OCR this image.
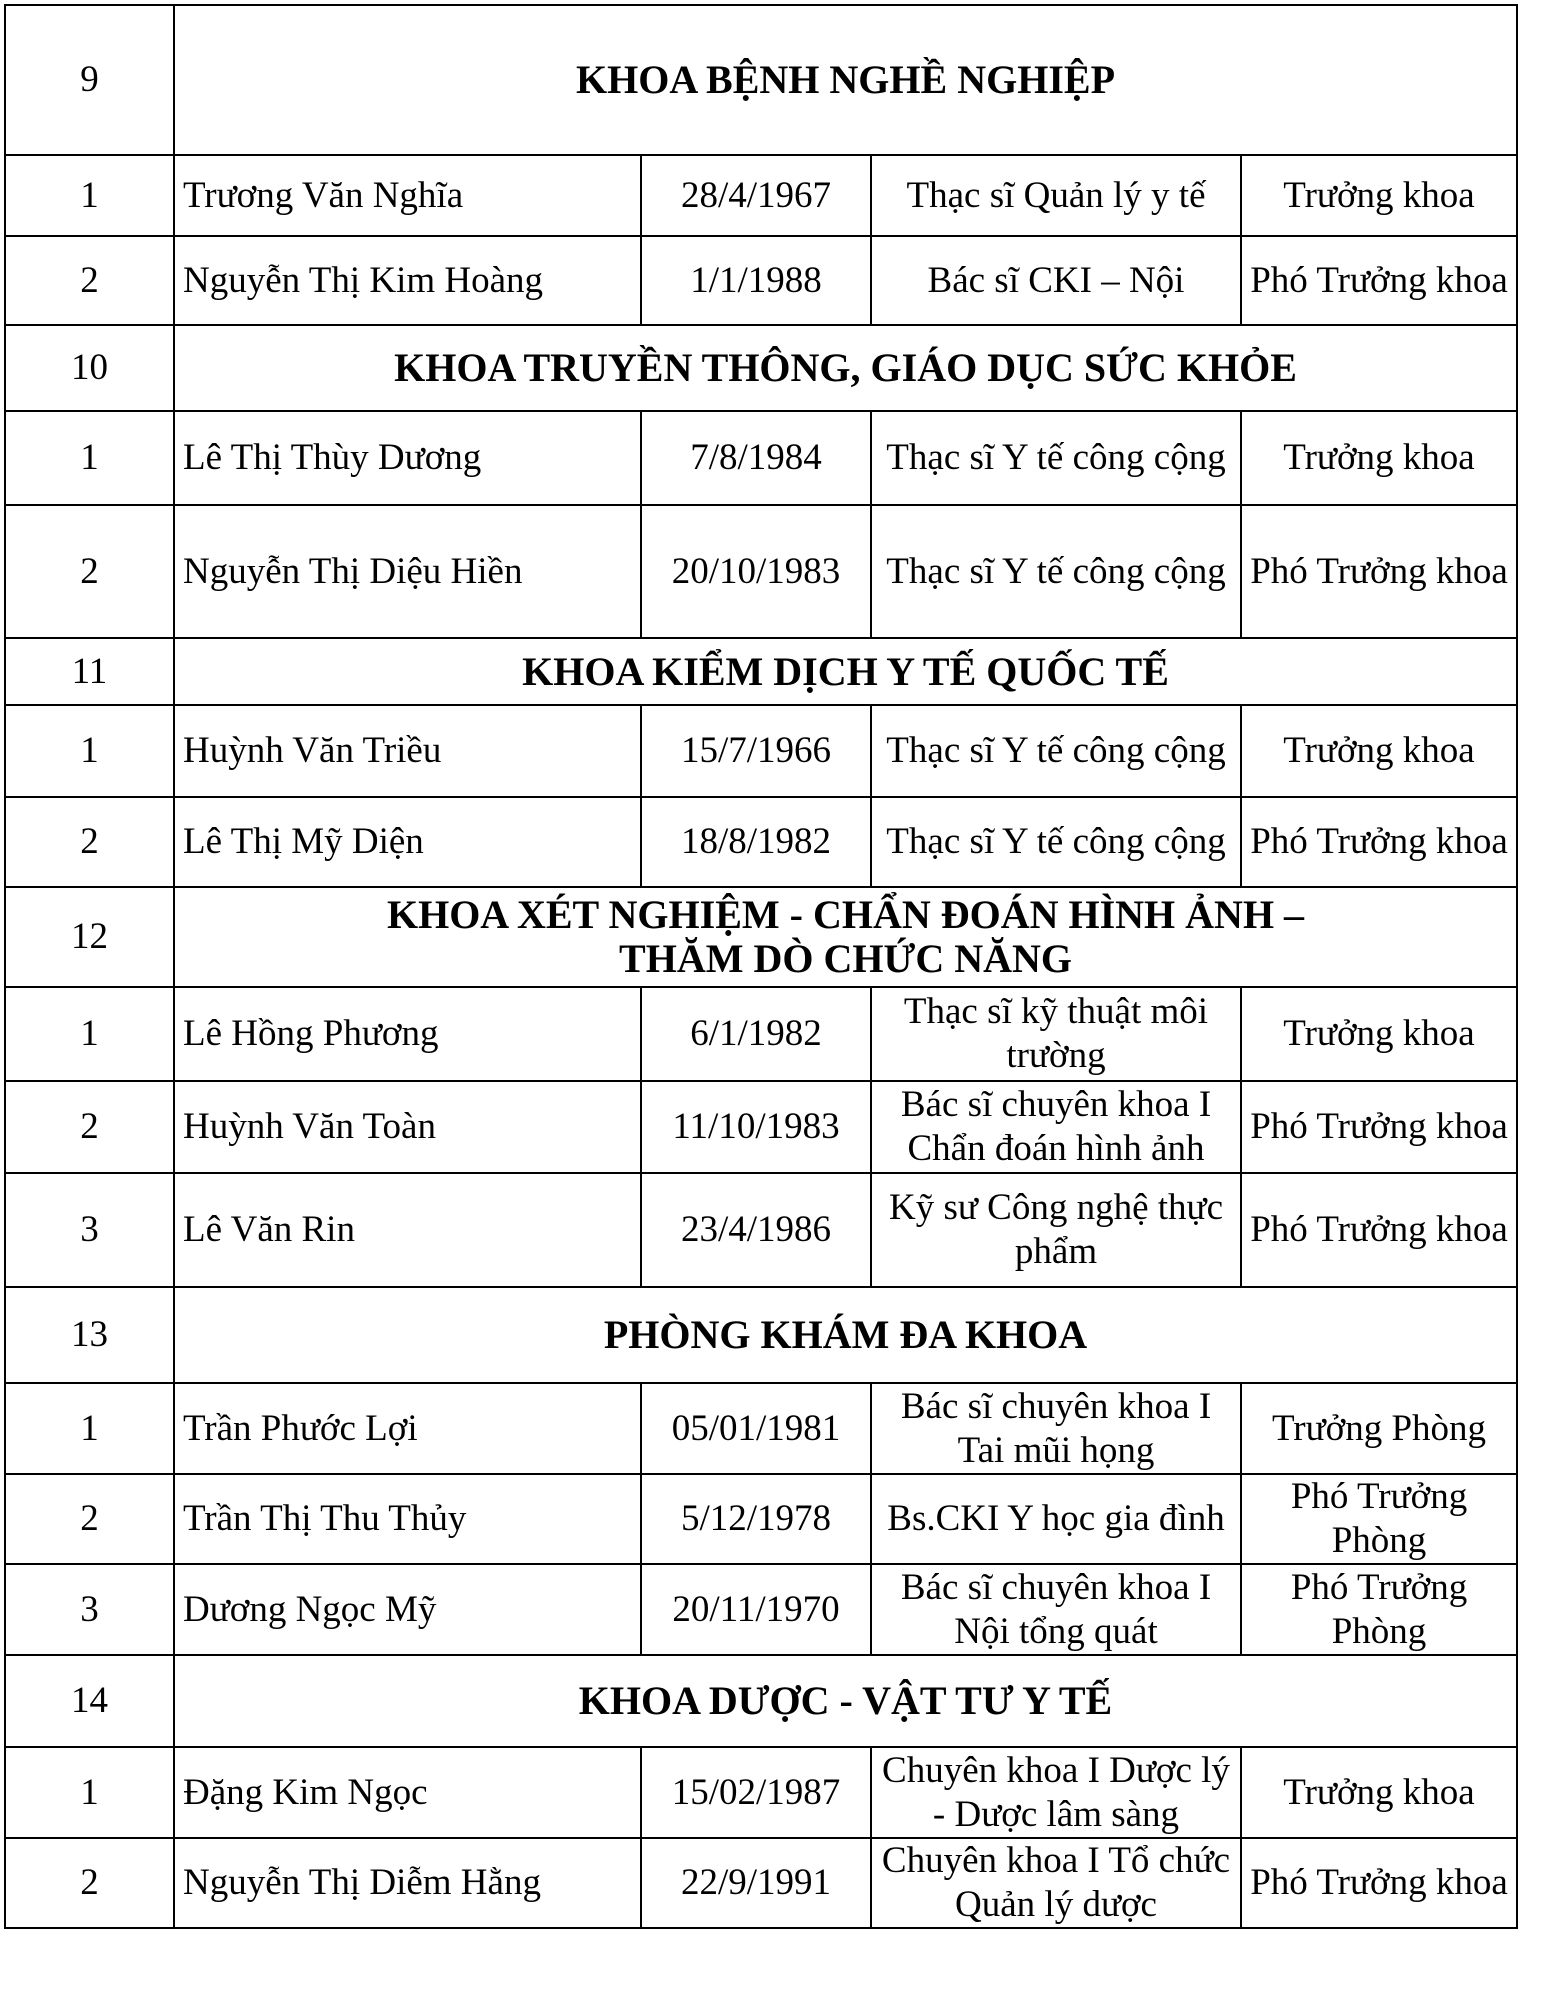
9	KHOA BỆNH NGHỀ NGHIỆP			
1	Trương Văn Nghĩa	28/4/1967	Thạc sĩ Quản lý y tế	Trưởng khoa
2	Nguyễn Thị Kim Hoàng	1/1/1988	Bác sĩ CKI – Nội	Phó Trưởng khoa
10	KHOA TRUYỀN THÔNG, GIÁO DỤC SỨC KHỎE			
1	Lê Thị Thùy Dương	7/8/1984	Thạc sĩ Y tế công cộng	Trưởng khoa
2	Nguyễn Thị Diệu Hiền	20/10/1983	Thạc sĩ Y tế công cộng	Phó Trưởng khoa
11	KHOA KIỂM DỊCH Y TẾ QUỐC TẾ			
1	Huỳnh Văn Triều	15/7/1966	Thạc sĩ Y tế công cộng	Trưởng khoa
2	Lê Thị Mỹ Diện	18/8/1982	Thạc sĩ Y tế công cộng	Phó Trưởng khoa
12	KHOA XÉT NGHIỆM - CHẨN ĐOÁN HÌNH ẢNH –
THĂM DÒ CHỨC NĂNG			
1	Lê Hồng Phương	6/1/1982	Thạc sĩ kỹ thuật môi trường	Trưởng khoa
2	Huỳnh Văn Toàn	11/10/1983	Bác sĩ chuyên khoa I Chẩn đoán hình ảnh	Phó Trưởng khoa
3	Lê Văn Rin	23/4/1986	Kỹ sư Công nghệ thực phẩm	Phó Trưởng khoa
13	PHÒNG KHÁM ĐA KHOA			
1	Trần Phước Lợi	05/01/1981	Bác sĩ chuyên khoa I Tai mũi họng	Trưởng Phòng
2	Trần Thị Thu Thủy	5/12/1978	Bs.CKI Y học gia đình	Phó Trưởng Phòng
3	Dương Ngọc Mỹ	20/11/1970	Bác sĩ chuyên khoa I Nội tổng quát	Phó Trưởng Phòng
14	KHOA DƯỢC - VẬT TƯ Y TẾ			
1	Đặng Kim Ngọc	15/02/1987	Chuyên khoa I Dược lý - Dược lâm sàng	Trưởng khoa
2	Nguyễn Thị Diễm Hằng	22/9/1991	Chuyên khoa I Tổ chức Quản lý dược	Phó Trưởng khoa
